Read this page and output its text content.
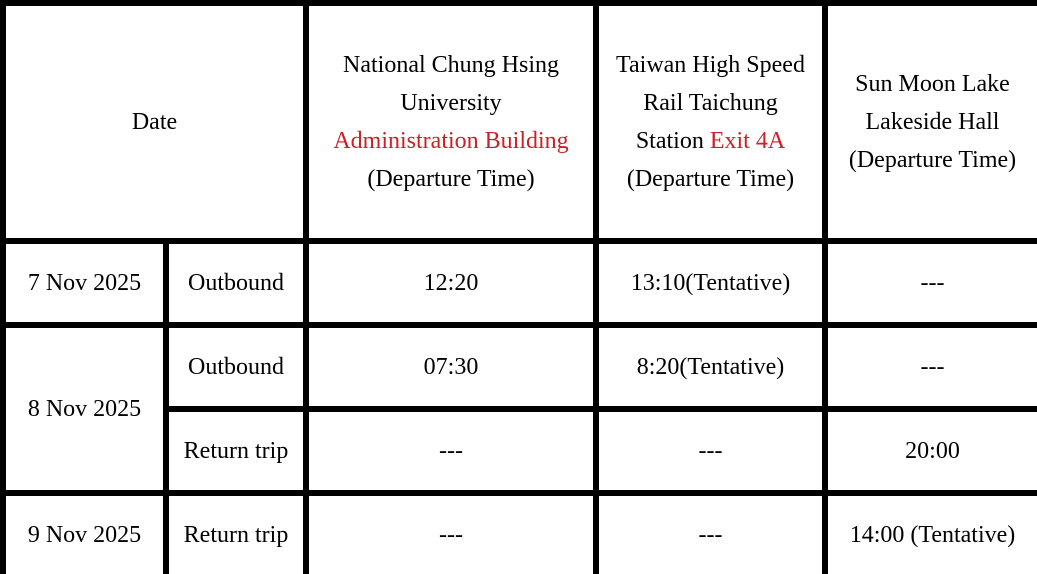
Date		National Chung Hsing
University
Administration Building
(Departure Time)	Taiwan High Speed
Rail Taichung
Station Exit 4A
(Departure Time)	Sun Moon Lake
Lakeside Hall
(Departure Time)

7 Nov 2025	Outbound	12:20	13:10(Tentative)	---
8 Nov 2025	Outbound	07:30	8:20(Tentative)	---
	Return trip	---	---	20:00
9 Nov 2025	Return trip	---	---	14:00 (Tentative)
